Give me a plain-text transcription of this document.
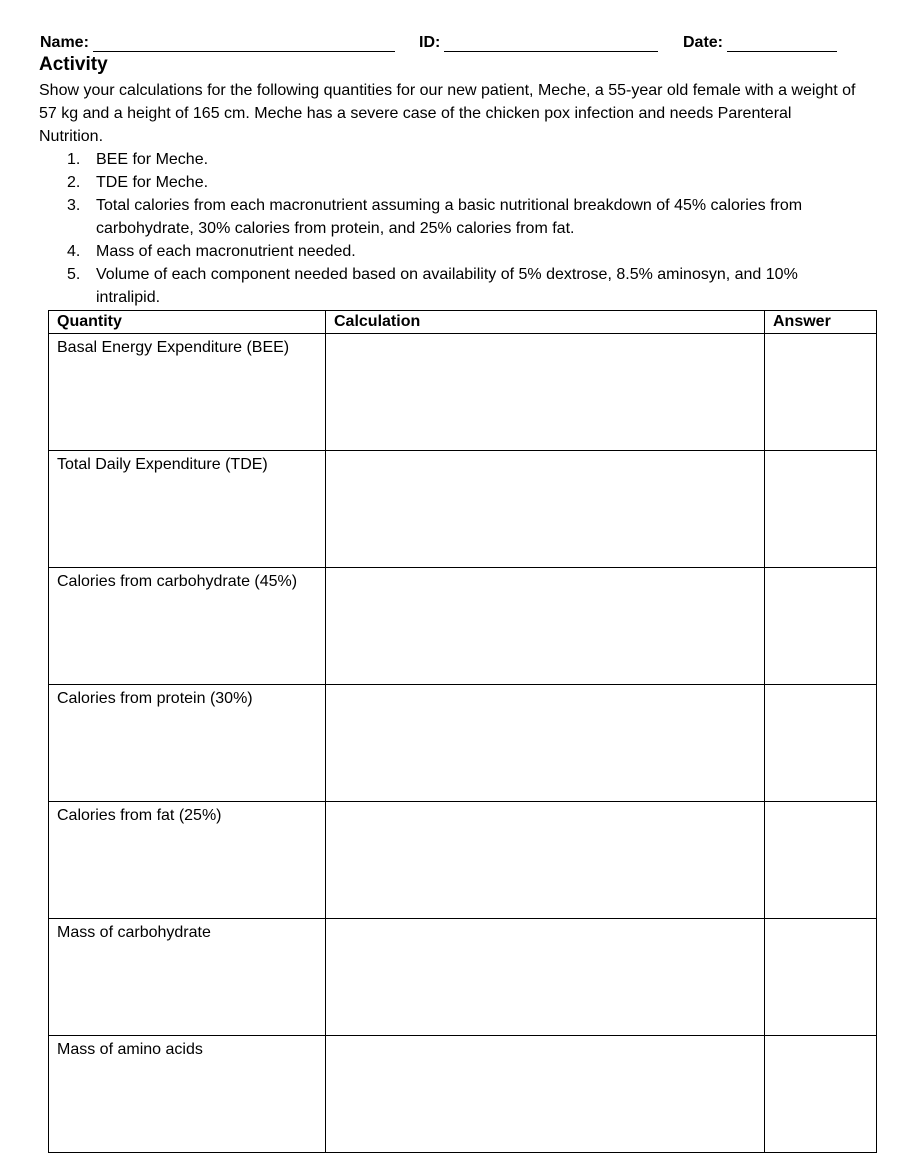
Name:	ID:	Date:
Activity

Show your calculations for the following quantities for our new patient, Meche, a 55-year old female with a weight of 57 kg and a height of 165 cm. Meche has a severe case of the chicken pox infection and needs Parenteral Nutrition.

1. BEE for Meche.
2. TDE for Meche.
3. Total calories from each macronutrient assuming a basic nutritional breakdown of 45% calories from carbohydrate, 30% calories from protein, and 25% calories from fat.
4. Mass of each macronutrient needed.
5. Volume of each component needed based on availability of 5% dextrose, 8.5% aminosyn, and 10% intralipid.
Quantity	Calculation	Answer
Basal Energy Expenditure (BEE)		
Total Daily Expenditure (TDE)		
Calories from carbohydrate (45%)		
Calories from protein (30%)		
Calories from fat (25%)		
Mass of carbohydrate		
Mass of amino acids		
